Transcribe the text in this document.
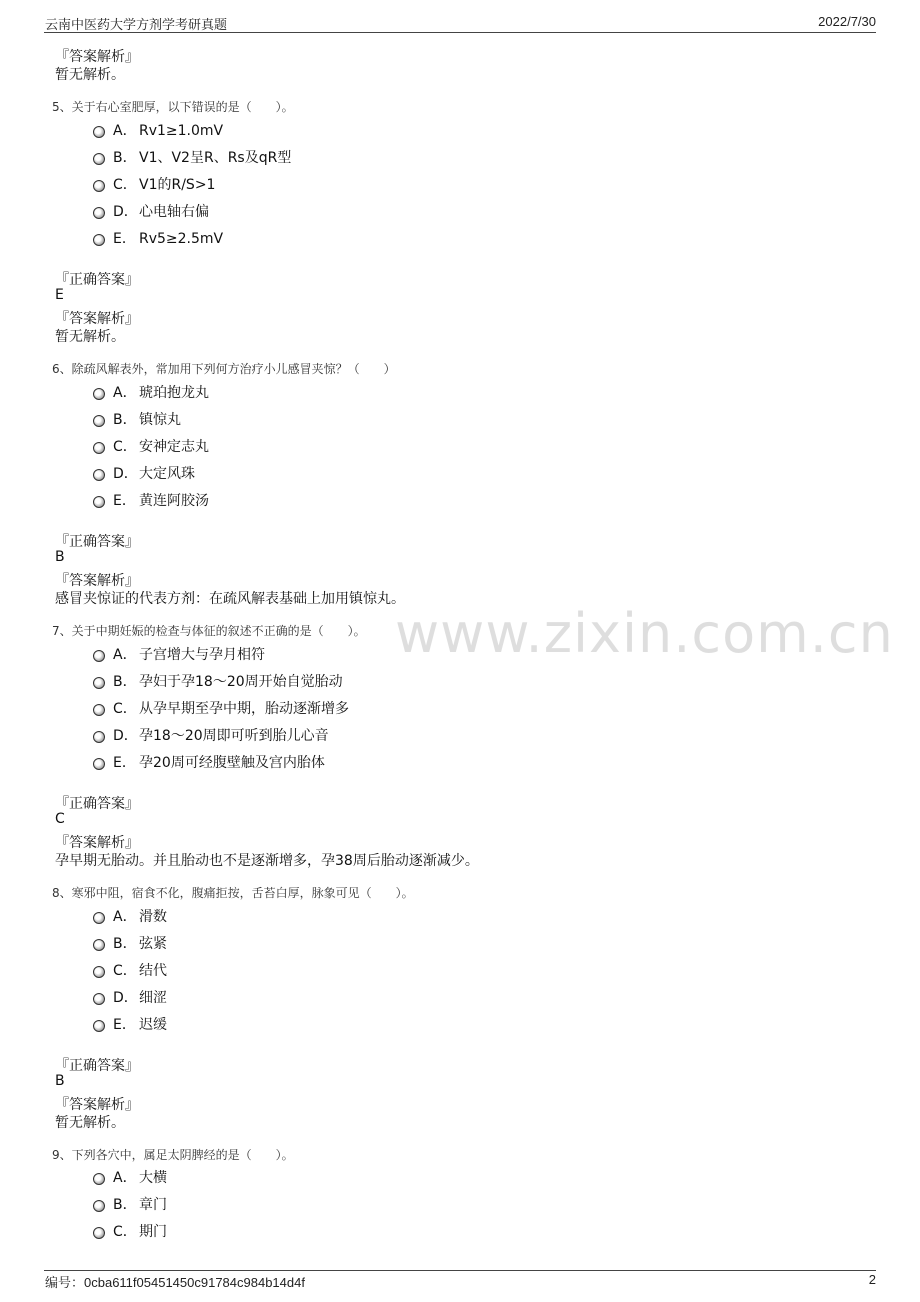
云南中医药大学方剂学考研真题	2022/7/30
www.zixin.com.cn
『答案解析』
暂无解析。
5、关于右心室肥厚，以下错误的是（　　）。
A． Rv1≥1.0mV
B． V1、V2呈R、Rs及qR型
C． V1的R/S>1
D．心电轴右偏
E． Rv5≥2.5mV
『正确答案』
E
『答案解析』
暂无解析。
6、除疏风解表外，常加用下列何方治疗小儿感冒夹惊？（　　）
A． 琥珀抱龙丸
B． 镇惊丸
C． 安神定志丸
D．大定风珠
E． 黄连阿胶汤
『正确答案』
B
『答案解析』
感冒夹惊证的代表方剂：在疏风解表基础上加用镇惊丸。
7、关于中期妊娠的检查与体征的叙述不正确的是（　　）。
A． 子宫增大与孕月相符
B． 孕妇于孕18～20周开始自觉胎动
C． 从孕早期至孕中期，胎动逐渐增多
D．孕18～20周即可听到胎儿心音
E． 孕20周可经腹壁触及宫内胎体
『正确答案』
C
『答案解析』
孕早期无胎动。并且胎动也不是逐渐增多，孕38周后胎动逐渐减少。
8、寒邪中阻，宿食不化，腹痛拒按，舌苔白厚，脉象可见（　　）。
A． 滑数
B． 弦紧
C． 结代
D．细涩
E． 迟缓
『正确答案』
B
『答案解析』
暂无解析。
9、下列各穴中，属足太阴脾经的是（　　）。
A． 大横
B． 章门
C． 期门
编号：0cba611f05451450c91784c984b14d4f	2
